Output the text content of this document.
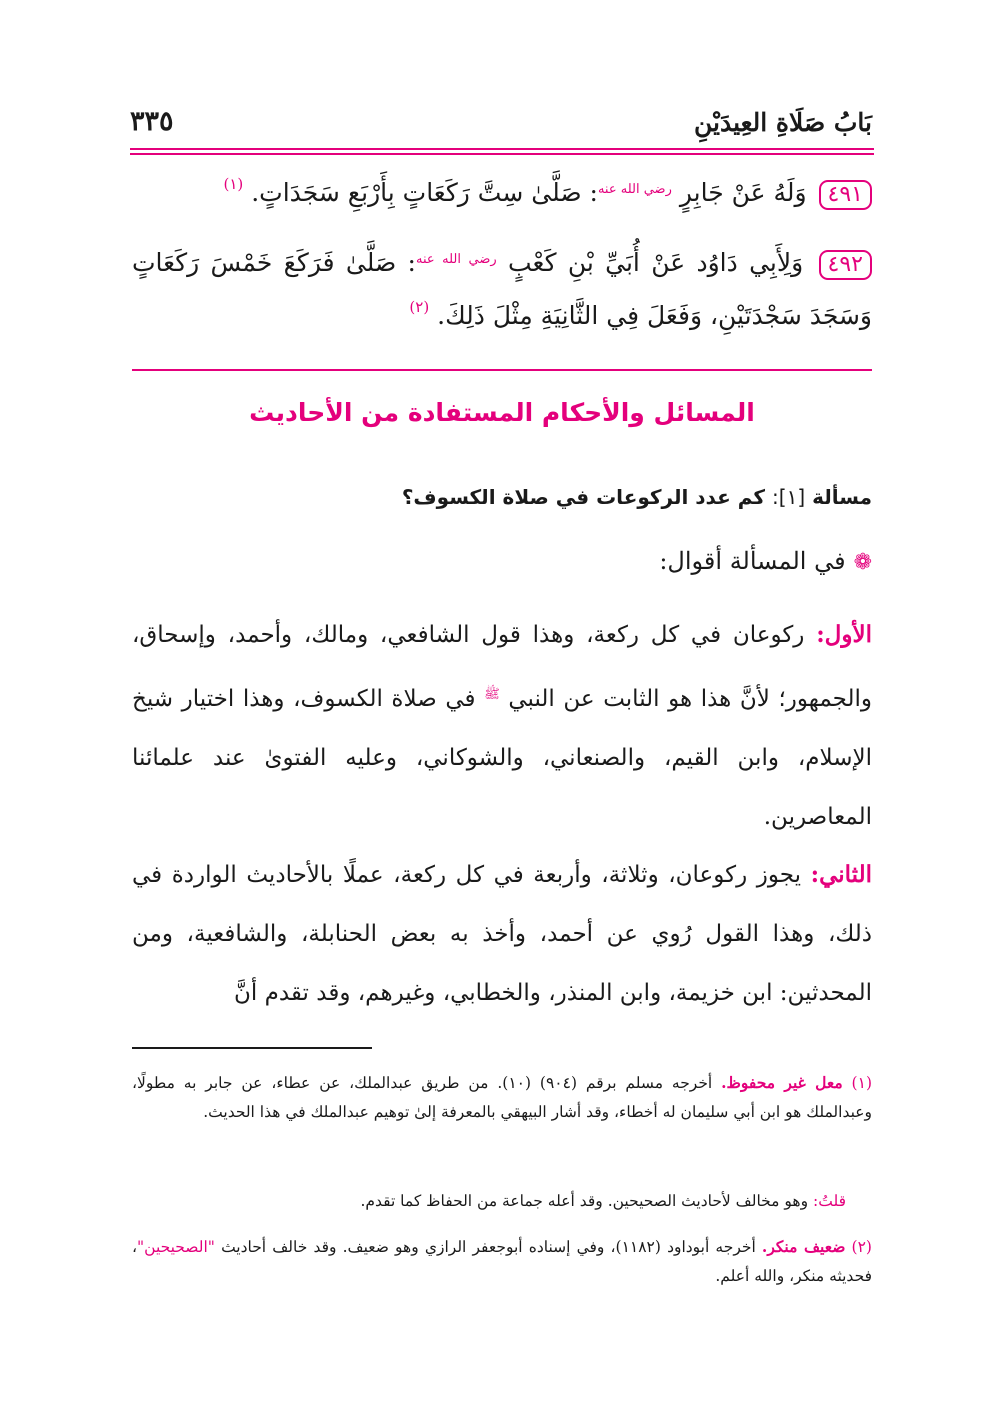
بَابُ صَلَاةِ العِيدَيْنِ
٣٣٥
٤٩١ وَلَهُ عَنْ جَابِرٍ $^{رضي الله عنه}$: صَلَّىٰ سِتَّ رَكَعَاتٍ بِأَرْبَعِ سَجَدَاتٍ. $^{(١)}$
٤٩٢ وَلِأَبِي دَاوُد عَنْ أُبَيِّ بْنِ كَعْبٍ $^{رضي الله عنه}$: صَلَّىٰ فَرَكَعَ خَمْسَ رَكَعَاتٍ وَسَجَدَ سَجْدَتَيْنِ، وَفَعَلَ فِي الثَّانِيَةِ مِثْلَ ذَلِكَ. $^{(٢)}$
المسائل والأحكام المستفادة من الأحاديث
مسألة [١]: كم عدد الركوعات في صلاة الكسوف؟
❁في المسألة أقوال:
الأول: ركوعان في كل ركعة، وهذا قول الشافعي، ومالك، وأحمد، وإسحاق، والجمهور؛ لأنَّ هذا هو الثابت عن النبي $^ﷺ$ في صلاة الكسوف، وهذا اختيار شيخ الإسلام، وابن القيم، والصنعاني، والشوكاني، وعليه الفتوىٰ عند علمائنا المعاصرين.
الثاني: يجوز ركوعان، وثلاثة، وأربعة في كل ركعة، عملًا بالأحاديث الواردة في ذلك، وهذا القول رُوي عن أحمد، وأخذ به بعض الحنابلة، والشافعية، ومن المحدثين: ابن خزيمة، وابن المنذر، والخطابي، وغيرهم، وقد تقدم أنَّ
(١) معل غير محفوظ. أخرجه مسلم برقم (٩٠٤) (١٠). من طريق عبدالملك، عن عطاء، عن جابر به مطولًا، وعبدالملك هو ابن أبي سليمان له أخطاء، وقد أشار البيهقي بالمعرفة إلىٰ توهيم عبدالملك في هذا الحديث.
قلتُ: وهو مخالف لأحاديث الصحيحين. وقد أعله جماعة من الحفاظ كما تقدم.
(٢) ضعيف منكر. أخرجه أبوداود (١١٨٢)، وفي إسناده أبوجعفر الرازي وهو ضعيف. وقد خالف أحاديث "الصحيحين"، فحديثه منكر، والله أعلم.
